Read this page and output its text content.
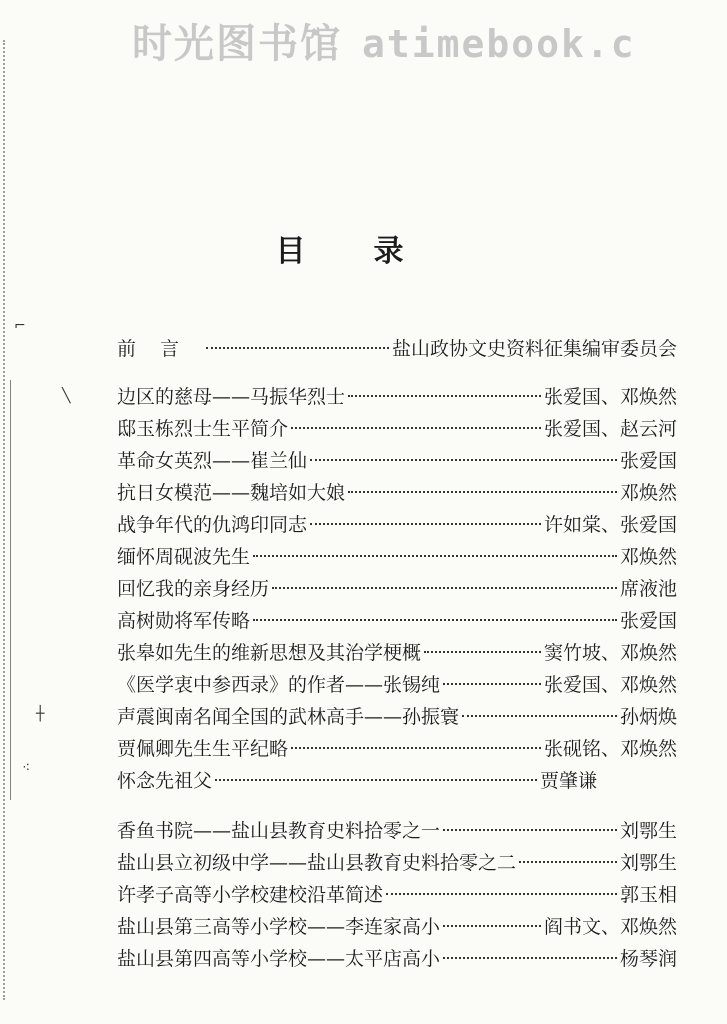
时光图书馆 atimebook.c
⌐
╲
┼
⁖
目录
前言	盐山政协文史资料征集编审委员会
边区的慈母——马振华烈士	张爱国、邓焕然
邸玉栋烈士生平简介	张爱国、赵云河
革命女英烈——崔兰仙	张爱国
抗日女模范——魏培如大娘	邓焕然
战争年代的仇鸿印同志	许如棠、张爱国
缅怀周砚波先生	邓焕然
回忆我的亲身经历	席液池
高树勋将军传略	张爱国
张皋如先生的维新思想及其治学梗概	窦竹坡、邓焕然
《医学衷中参西录》的作者——张锡纯	张爱国、邓焕然
声震闽南名闻全国的武林高手——孙振寰	孙炳焕
贾佩卿先生生平纪略	张砚铭、邓焕然
怀念先祖父	贾肇谦
香鱼书院——盐山县教育史料拾零之一	刘鄂生
盐山县立初级中学——盐山县教育史料拾零之二	刘鄂生
许孝子高等小学校建校沿革简述	郭玉相
盐山县第三高等小学校——李连家高小	阎书文、邓焕然
盐山县第四高等小学校——太平店高小	杨琴润
